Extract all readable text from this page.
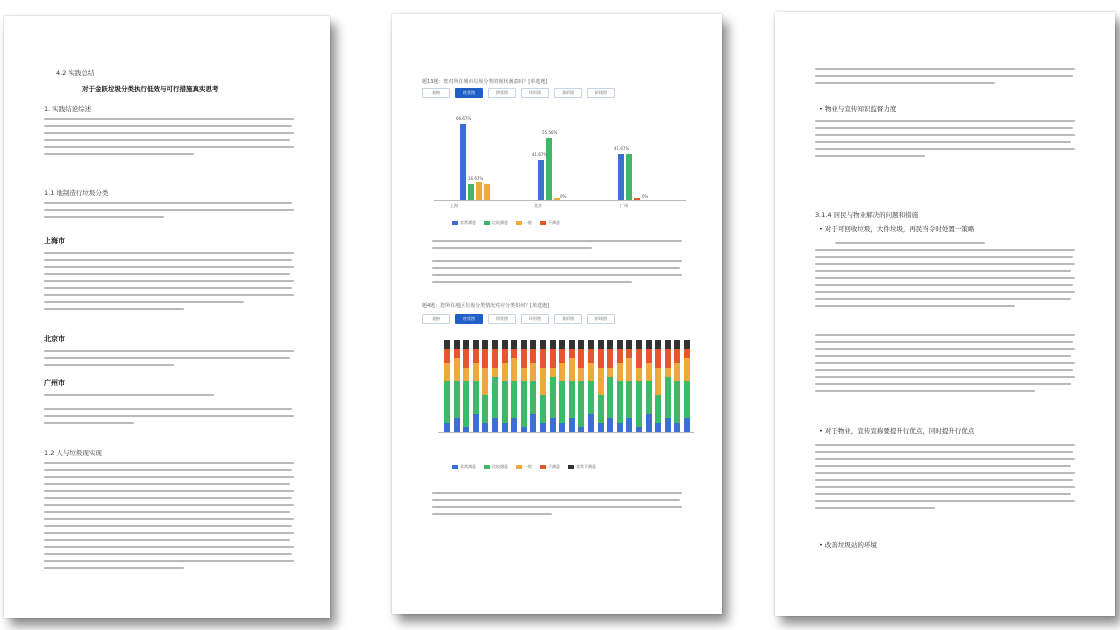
4.2 实践总结
对于金跃垃圾分类执行低效与可行措施真实思考
1. 实践结论综述
1.1 地制造行垃圾分类
上海市
北京市
广州市
1.2 人与垃圾现实现
题13题：您对所在城市垃圾分类的现状满意吗？[单选题]
表格	柱状图	饼状图	环形图	条形图	折线图
66.67%
16.67%
上海
41.67%
55.56%
0%
北京
41.67%
0%
广州
非常满意	比较满意	一般	不满意
题4题：您所在地区垃圾分类情况对应分类如何？[单选题]
表格	柱状图	饼状图	环形图	条形图	折线图
非常满意	比较满意	一般	不满意	非常不满意
• 物业与宣传知识监督力度
3.1.4 居民与物业解决的问题和措施
• 对于可回收垃圾，大件垃圾，再民当令时处置一策略
• 对于物业，宣传宣称要提升行优点，同时提升行优点
• 改善垃圾站的环境
